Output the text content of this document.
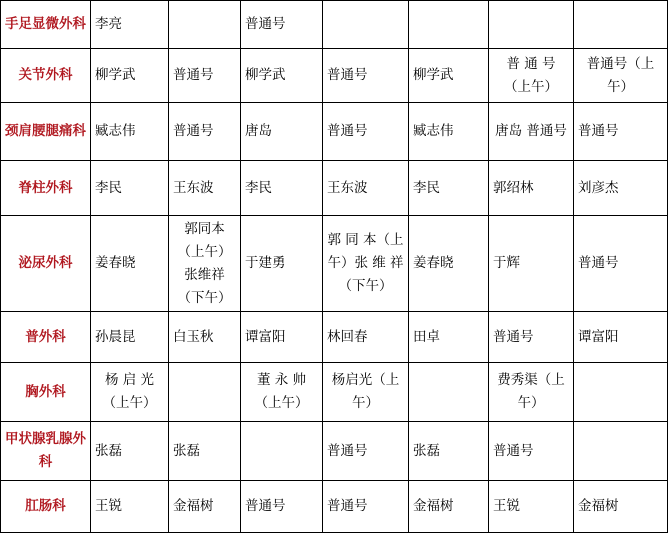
手足显微外科	李亮		普通号				
关节外科	柳学武	普通号	柳学武	普通号	柳学武	普 通 号（上午）	普通号（上午）
颈肩腰腿痛科	臧志伟	普通号	唐岛	普通号	臧志伟	唐岛 普通号	普通号
脊柱外科	李民	王东波	李民	王东波	李民	郭绍林	刘彦杰
泌尿外科	姜春晓	郭同本（上午）张维祥（下午）	于建勇	郭 同 本（上午）张 维 祥（下午）	姜春晓	于辉	普通号
普外科	孙晨昆	白玉秋	谭富阳	林回春	田卓	普通号	谭富阳
胸外科	杨 启 光（上午）		董 永 帅（上午）	杨启光（上午）		费秀渠（上午）	
甲状腺乳腺外科	张磊	张磊		普通号	张磊	普通号	
肛肠科	王锐	金福树	普通号	普通号	金福树	王锐	金福树
